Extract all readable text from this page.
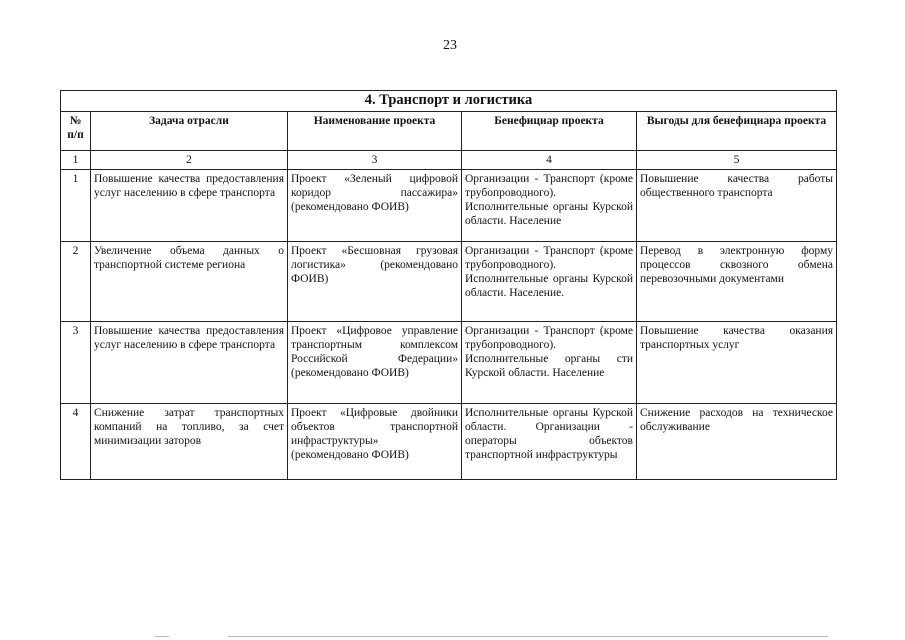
23
4. Транспорт и логистика				
№ п/п	Задача отрасли	Наименование проекта	Бенефициар проекта	Выгоды для бенефициара проекта
1	2	3	4	5
1	Повышение качества предоставления услуг населению в сфере транспорта	Проект «Зеленый цифровой коридор пассажира» (рекомендовано ФОИВ)	Организации - Транспорт (кроме трубопроводного). Исполнительные органы Курской области. Население	Повышение качества работы общественного транспорта
2	Увеличение объема данных о транспортной системе региона	Проект «Бесшовная грузовая логистика» (рекомендовано ФОИВ)	Организации - Транспорт (кроме трубопроводного). Исполнительные органы Курской области. Население.	Перевод в электронную форму процессов сквозного обмена перевозочными документами
3	Повышение качества предоставления услуг населению в сфере транспорта	Проект «Цифровое управление транспортным комплексом Российской Федерации» (рекомендовано ФОИВ)	Организации - Транспорт (кроме трубопроводного). Исполнительные органы сти Курской области. Население	Повышение качества оказания транспортных услуг
4	Снижение затрат транспортных компаний на топливо, за счет минимизации заторов	Проект «Цифровые двойники объектов транспортной инфраструктуры» (рекомендовано ФОИВ)	Исполнительные органы Курской области. Организации - операторы объектов транспортной инфраструктуры	Снижение расходов на техническое обслуживание
